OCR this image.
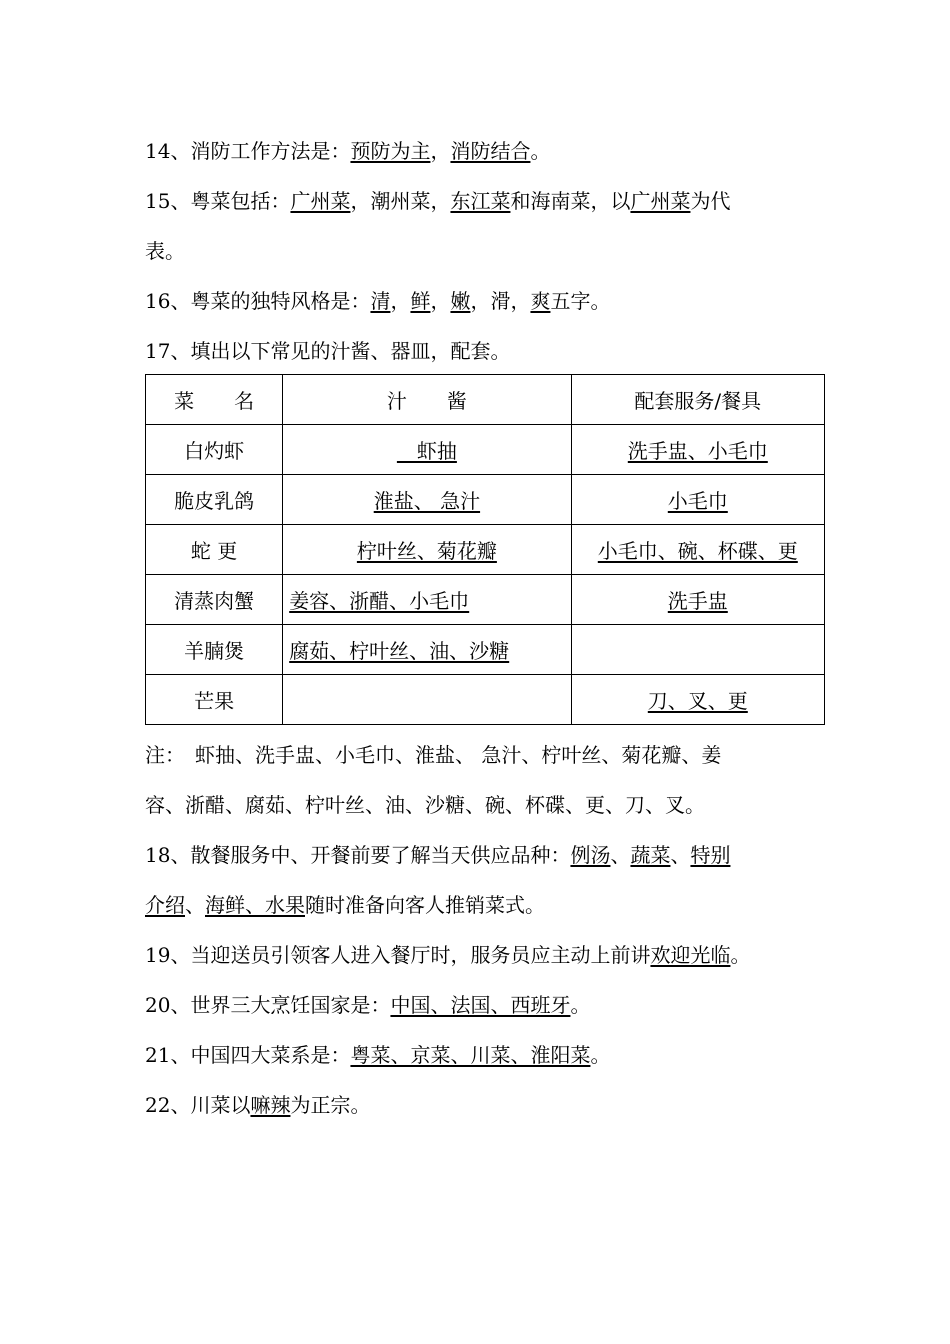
14、消防工作方法是：预防为主，消防结合。
15、粤菜包括：广州菜，潮州菜，东江菜和海南菜，以广州菜为代
表。
16、粤菜的独特风格是：清，鲜，嫩，滑，爽五字。
17、填出以下常见的汁酱、器皿，配套。
菜　　名	汁　　酱	配套服务/餐具
白灼虾	　虾抽	洗手盅、小毛巾
脆皮乳鸽	淮盐、 急汁	小毛巾
蛇 更	柠叶丝、菊花瓣	小毛巾、碗、杯碟、更
清蒸肉蟹	姜容、浙醋、小毛巾	洗手盅
羊腩煲	腐茹、柠叶丝、油、沙糖	
芒果		刀、叉、更
注：　虾抽、洗手盅、小毛巾、淮盐、 急汁、柠叶丝、菊花瓣、姜
容、浙醋、腐茹、柠叶丝、油、沙糖、碗、杯碟、更、刀、叉。
18、散餐服务中、开餐前要了解当天供应品种：例汤、蔬菜、特别
介绍、海鲜、水果随时准备向客人推销菜式。
19、当迎送员引领客人进入餐厅时，服务员应主动上前讲欢迎光临。
20、世界三大烹饪国家是：中国、法国、西班牙。
21、中国四大菜系是：粤菜、京菜、川菜、淮阳菜。
22、川菜以嘛辣为正宗。
